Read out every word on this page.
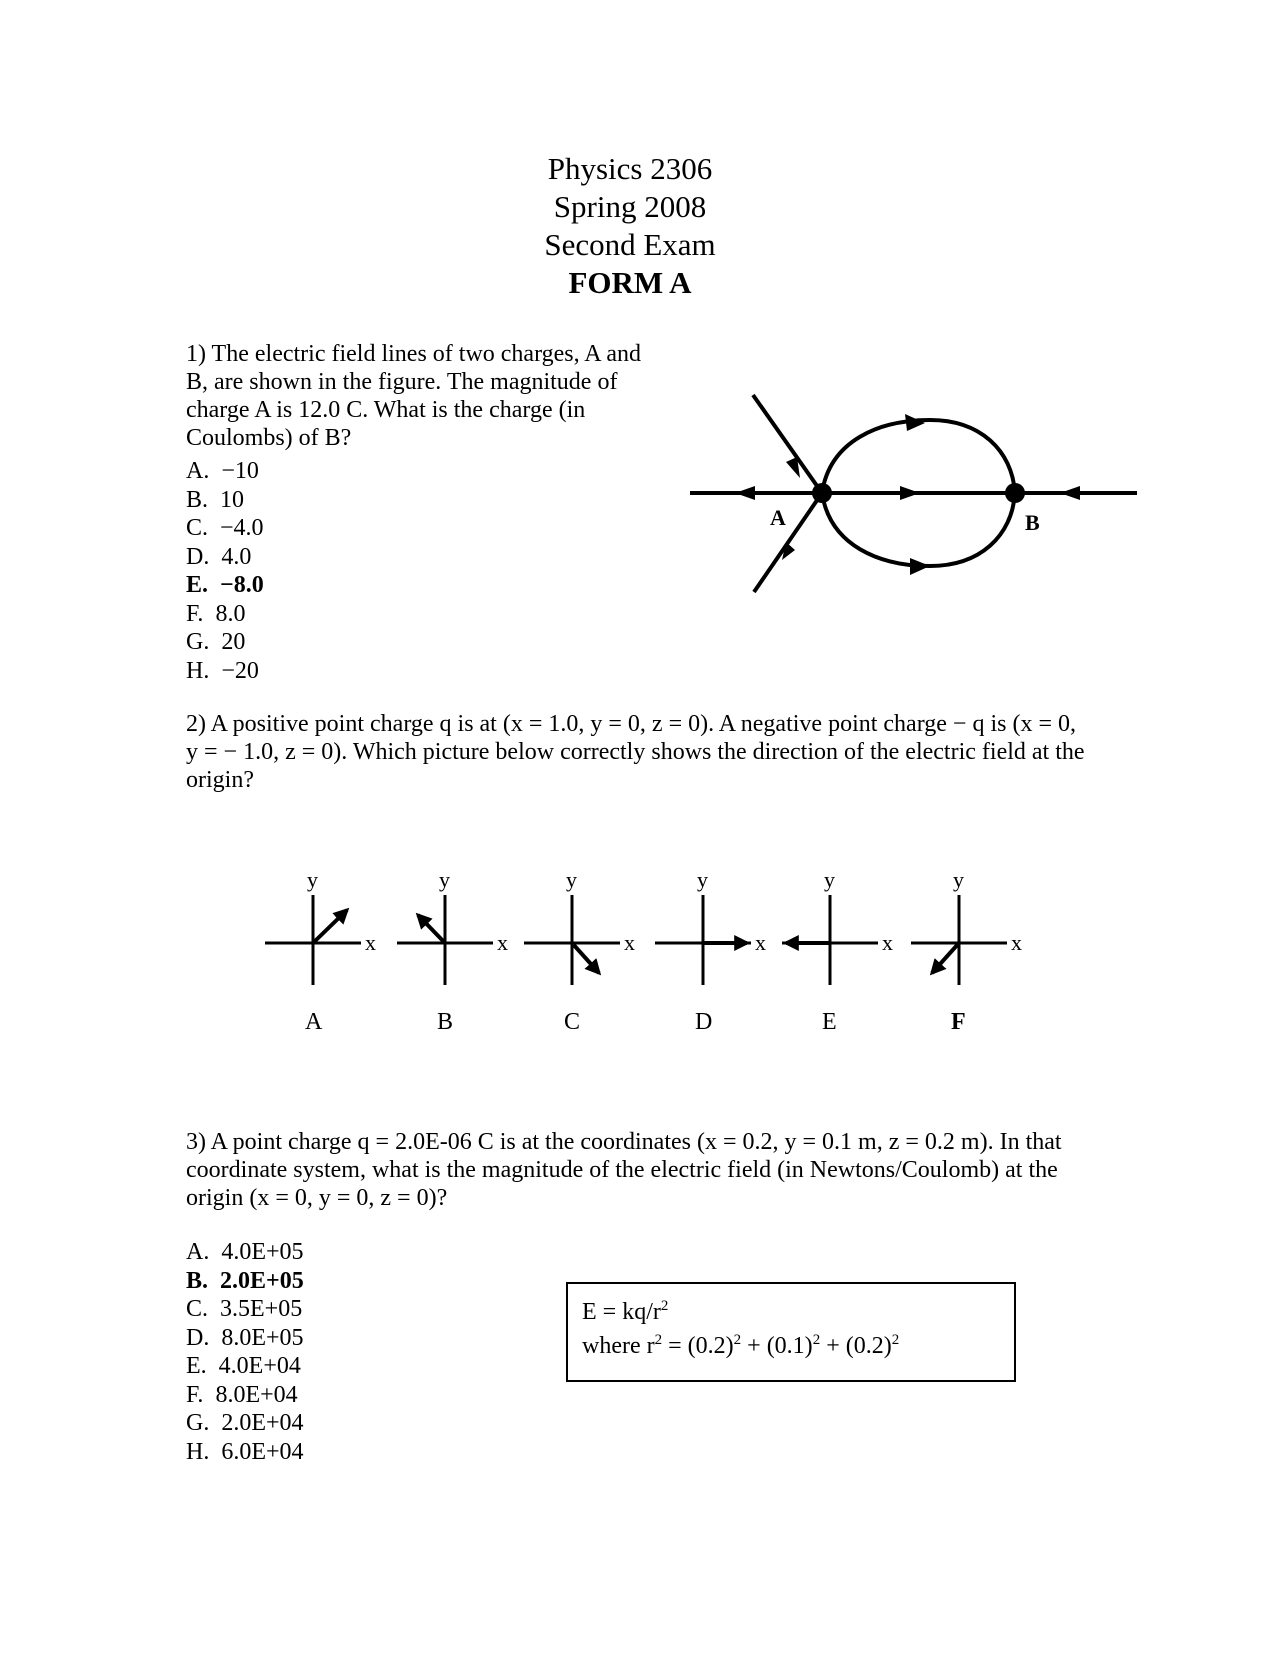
Physics 2306
Spring 2008
Second Exam
FORM A
1) The electric field lines of two charges, A and B, are shown in the figure. The magnitude of charge A is 12.0 C. What is the charge (in Coulombs) of B?
A. −10
B. 10
C. −4.0
D. 4.0
E. −8.0
F. 8.0
G. 20
H. −20
A	B
2) A positive point charge q is at (x = 1.0, y = 0, z = 0). A negative point charge − q is (x = 0, y = − 1.0, z = 0). Which picture below correctly shows the direction of the electric field at the origin?
y
x
A
y
x
B
y
x
C
y
x
D
y
x
E
y
x
F
3) A point charge q = 2.0E-06 C is at the coordinates (x = 0.2, y = 0.1 m, z = 0.2 m). In that coordinate system, what is the magnitude of the electric field (in Newtons/Coulomb) at the origin (x = 0, y = 0, z = 0)?
A. 4.0E+05
B. 2.0E+05
C. 3.5E+05
D. 8.0E+05
E. 4.0E+04
F. 8.0E+04
G. 2.0E+04
H. 6.0E+04
$E = kq/r^2$
where $r^2 = (0.2)^2 + (0.1)^2 + (0.2)^2$
